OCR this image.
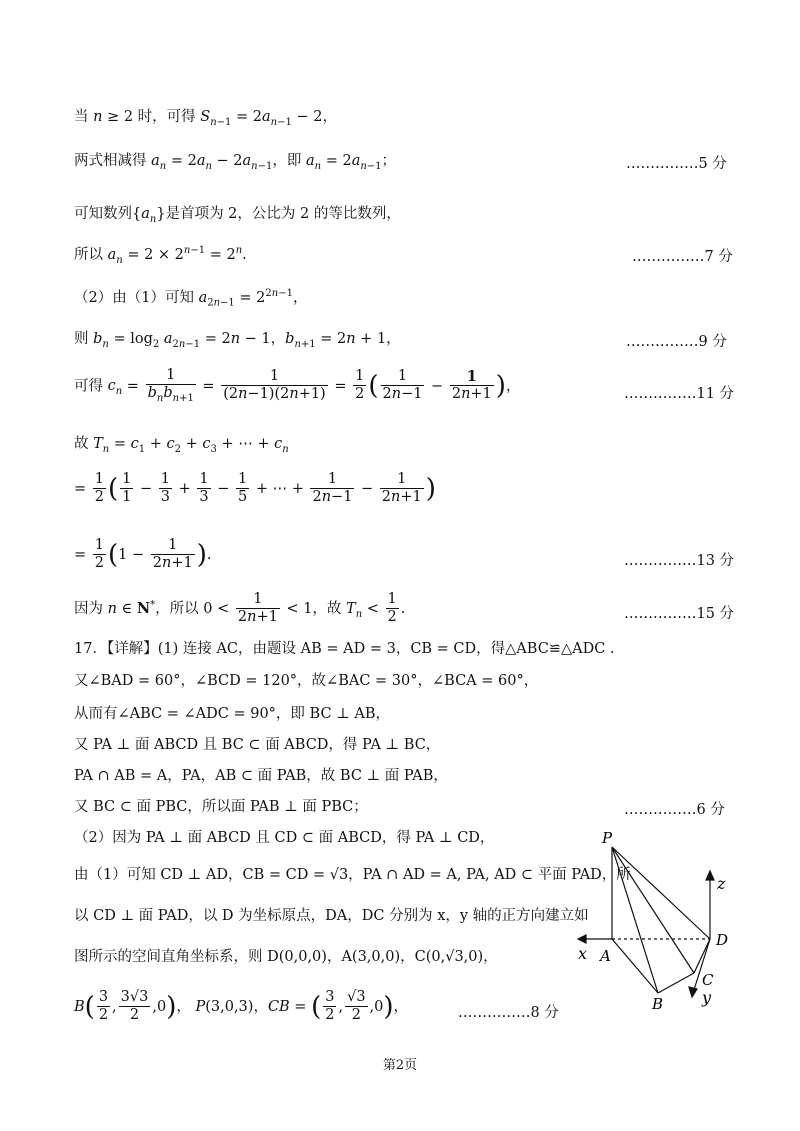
当 n ≥ 2 时，可得 $S_{n-1} = 2a_{n-1} - 2$，
两式相减得 $a_n = 2a_n - 2a_{n-1}$，即 $a_n = 2a_{n-1}$；	……………5 分
可知数列$\{a_n\}$是首项为 2，公比为 2 的等比数列，
所以 $a_n = 2 \times 2^{n-1} = 2^n$.	……………7 分
（2）由（1）可知 $a_{2n-1} = 2^{2n-1}$，
则 $b_n = \log_2 a_{2n-1} = 2n - 1$，$b_{n+1} = 2n + 1$，	……………9 分
可得 $c_n = \frac{1}{b_nb_{n+1}} = \frac{1}{(2n-1)(2n+1)} = \frac{1}{2}$ ( $\frac{1}{2n-1} - \frac{1}{2n+1}$ )，	……………11 分
故 $T_n = c_1 + c_2 + c_3$ + ⋯ + $c_n$
= $\frac{1}{2}$ ( $\frac{1}{1} - \frac{1}{3} + \frac{1}{3} - \frac{1}{5}$ + ⋯ + $\frac{1}{2n-1} - \frac{1}{2n+1}$ )
= $\frac{1}{2} (1 - \frac{1}{2n+1}$ ).	……………13 分
因为 n ∈ N*，所以 $0 < \frac{1}{2n+1} < 1$，故 $T_n < \frac{1}{2}$ .	……………15 分
17．【详解】(1) 连接 AC，由题设 AB = AD = 3，CB = CD，得△ABC≌△ADC .
又∠BAD = 60°，∠BCD = 120°，故∠BAC = 30°，∠BCA = 60°，
从而有∠ABC = ∠ADC = 90°，即 BC ⊥ AB，
又 PA ⊥ 面 ABCD 且 BC ⊂ 面 ABCD，得 PA ⊥ BC，
PA ∩ AB = A，PA，AB ⊂ 面 PAB，故 BC ⊥ 面 PAB，
又 BC ⊂ 面 PBC，所以面 PAB ⊥ 面 PBC；	……………6 分
（2）因为 PA ⊥ 面 ABCD 且 CD ⊂ 面 ABCD，得 PA ⊥ CD，
由（1）可知 CD ⊥ AD，CB = CD = √3，PA ∩ AD = A, PA, AD ⊂ 平面 PAD，所
以 CD ⊥ 面 PAD，以 D 为坐标原点，DA，DC 分别为 x，y 轴的正方向建立如
图所示的空间直角坐标系，则 D(0,0,0)，A(3,0,0)，C(0,√3,0)，
$B( \frac{3}{2}$ , $\frac{3√3}{2} ,0$)， P(3,0,3)，CB = ( $\frac{3}{2}$ , $\frac{√3}{2} ,0$)，	……………8 分
P
A
B
C
D
x
y
z
第2页
